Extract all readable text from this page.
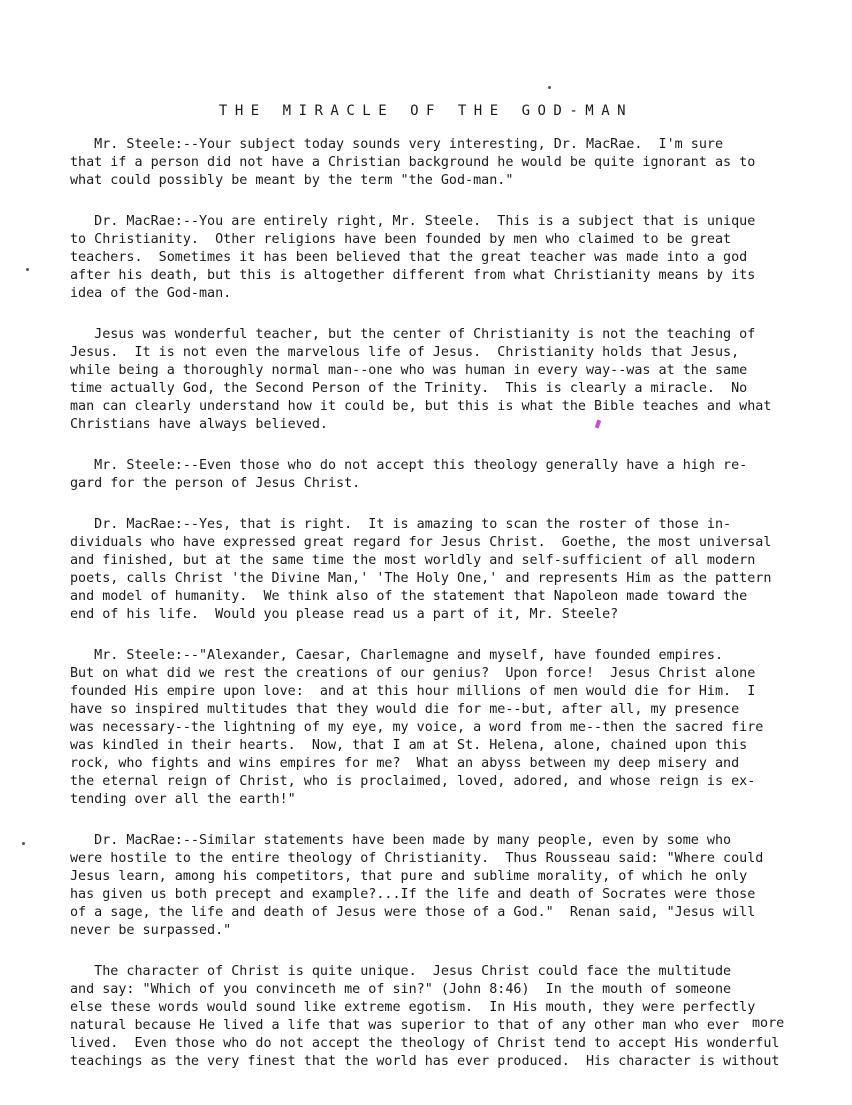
THE MIRACLE OF THE GOD-MAN
Mr. Steele:--Your subject today sounds very interesting, Dr. MacRae.  I'm sure
that if a person did not have a Christian background he would be quite ignorant as to
what could possibly be meant by the term "the God-man."
Dr. MacRae:--You are entirely right, Mr. Steele.  This is a subject that is unique
to Christianity.  Other religions have been founded by men who claimed to be great
teachers.  Sometimes it has been believed that the great teacher was made into a god
after his death, but this is altogether different from what Christianity means by its
idea of the God-man.
Jesus was wonderful teacher, but the center of Christianity is not the teaching of
Jesus.  It is not even the marvelous life of Jesus.  Christianity holds that Jesus,
while being a thoroughly normal man--one who was human in every way--was at the same
time actually God, the Second Person of the Trinity.  This is clearly a miracle.  No
man can clearly understand how it could be, but this is what the Bible teaches and what
Christians have always believed.
Mr. Steele:--Even those who do not accept this theology generally have a high re-
gard for the person of Jesus Christ.
Dr. MacRae:--Yes, that is right.  It is amazing to scan the roster of those in-
dividuals who have expressed great regard for Jesus Christ.  Goethe, the most universal
and finished, but at the same time the most worldly and self-sufficient of all modern
poets, calls Christ 'the Divine Man,' 'The Holy One,' and represents Him as the pattern
and model of humanity.  We think also of the statement that Napoleon made toward the
end of his life.  Would you please read us a part of it, Mr. Steele?
Mr. Steele:--"Alexander, Caesar, Charlemagne and myself, have founded empires.
But on what did we rest the creations of our genius?  Upon force!  Jesus Christ alone
founded His empire upon love:  and at this hour millions of men would die for Him.  I
have so inspired multitudes that they would die for me--but, after all, my presence
was necessary--the lightning of my eye, my voice, a word from me--then the sacred fire
was kindled in their hearts.  Now, that I am at St. Helena, alone, chained upon this
rock, who fights and wins empires for me?  What an abyss between my deep misery and
the eternal reign of Christ, who is proclaimed, loved, adored, and whose reign is ex-
tending over all the earth!"
Dr. MacRae:--Similar statements have been made by many people, even by some who
were hostile to the entire theology of Christianity.  Thus Rousseau said: "Where could
Jesus learn, among his competitors, that pure and sublime morality, of which he only
has given us both precept and example?...If the life and death of Socrates were those
of a sage, the life and death of Jesus were those of a God."  Renan said, "Jesus will
never be surpassed."
The character of Christ is quite unique.  Jesus Christ could face the multitude
and say: "Which of you convinceth me of sin?" (John 8:46)  In the mouth of someone
else these words would sound like extreme egotism.  In His mouth, they were perfectly
natural because He lived a life that was superior to that of any other man who ever
lived.  Even those who do not accept the theology of Christ tend to accept His wonderful
teachings as the very finest that the world has ever produced.  His character is without
more
